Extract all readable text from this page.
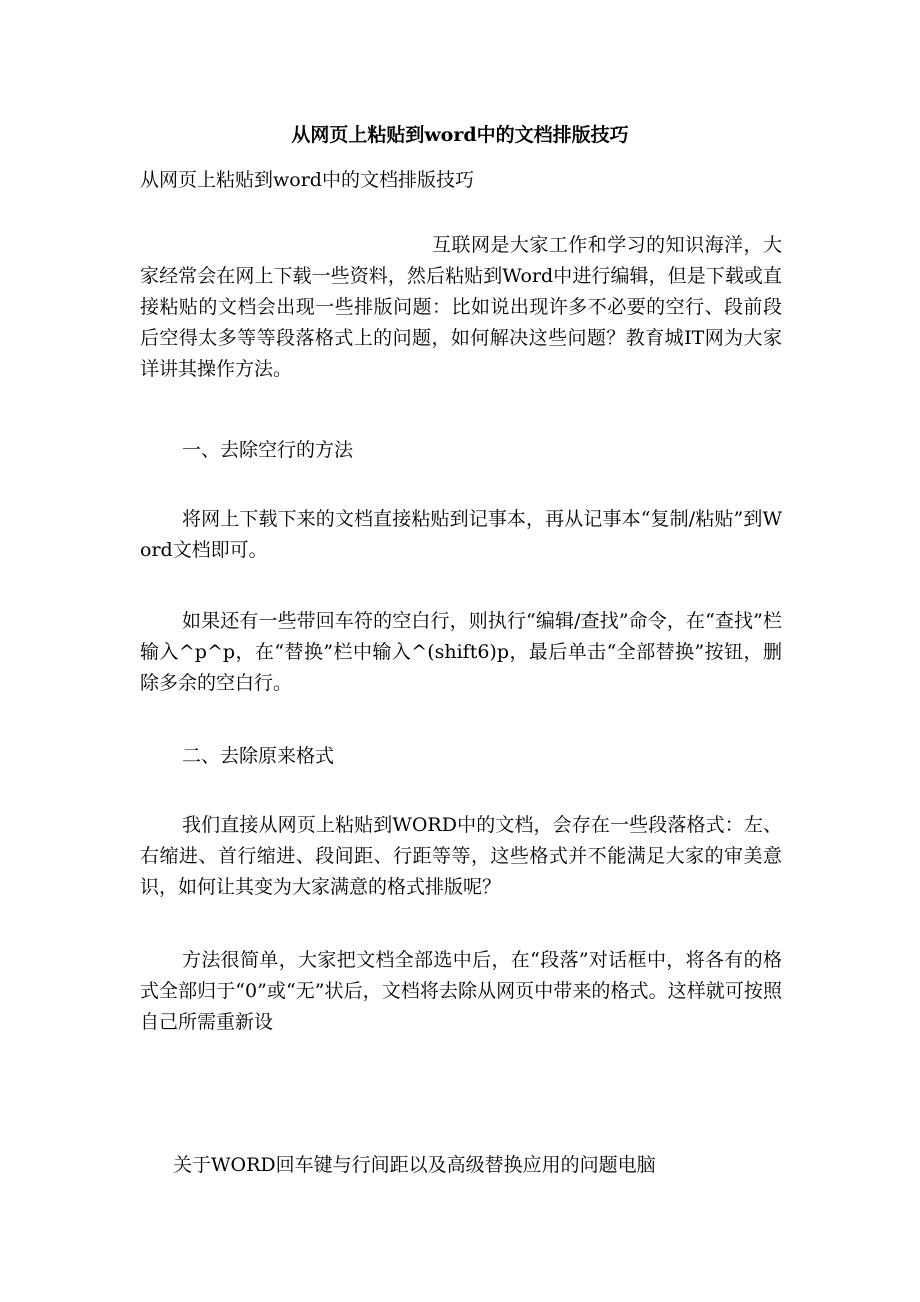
从网页上粘贴到word中的文档排版技巧

从网页上粘贴到word中的文档排版技巧

互联网是大家工作和学习的知识海洋，大家经常会在网上下载一些资料，然后粘贴到Word中进行编辑，但是下载或直接粘贴的文档会出现一些排版问题：比如说出现许多不必要的空行、段前段后空得太多等等段落格式上的问题，如何解决这些问题？教育城IT网为大家详讲其操作方法。

一、去除空行的方法

将网上下载下来的文档直接粘贴到记事本，再从记事本“复制/粘贴”到Word文档即可。

如果还有一些带回车符的空白行，则执行“编辑/查找”命令，在“查找”栏输入^p^p，在“替换”栏中输入^(shift6)p，最后单击“全部替换”按钮，删除多余的空白行。

二、去除原来格式

我们直接从网页上粘贴到WORD中的文档，会存在一些段落格式：左、右缩进、首行缩进、段间距、行距等等，这些格式并不能满足大家的审美意识，如何让其变为大家满意的格式排版呢？

方法很简单，大家把文档全部选中后，在“段落”对话框中，将各有的格式全部归于“0”或“无”状后，文档将去除从网页中带来的格式。这样就可按照自己所需重新设

关于WORD回车键与行间距以及高级替换应用的问题电脑
